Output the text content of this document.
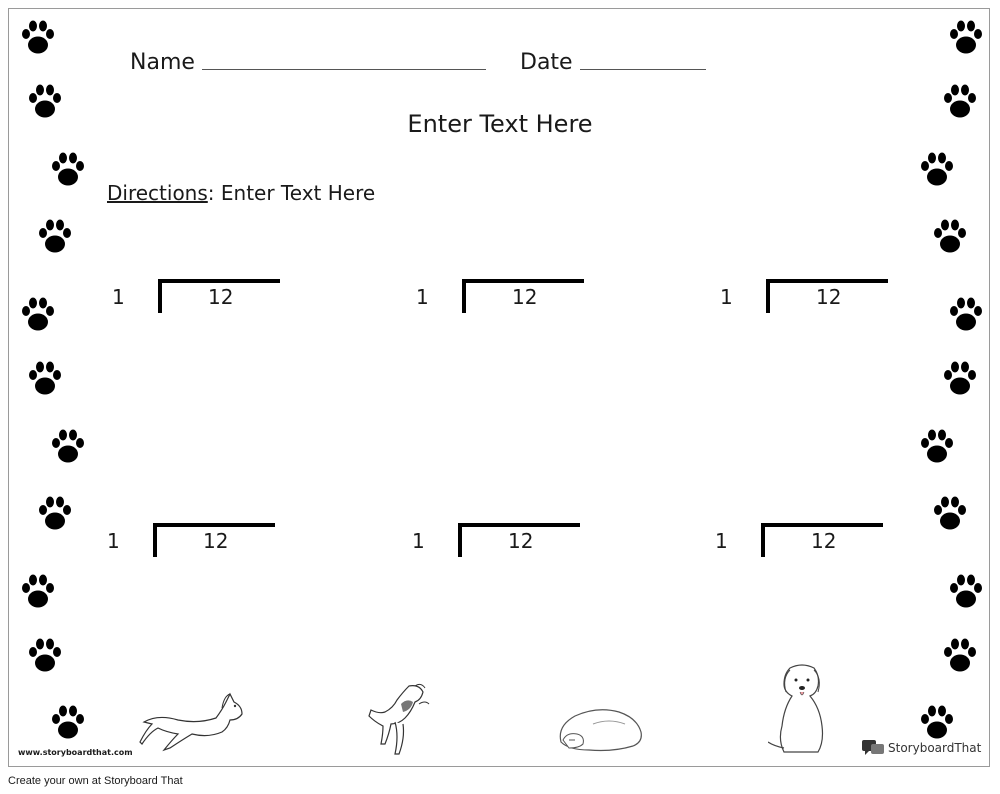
Name	Date
Enter Text Here
Directions: Enter Text Here
1	12	1	12	1	12
1	12	1	12	1	12
www.storyboardthat.com	StoryboardThat
Create your own at Storyboard That
